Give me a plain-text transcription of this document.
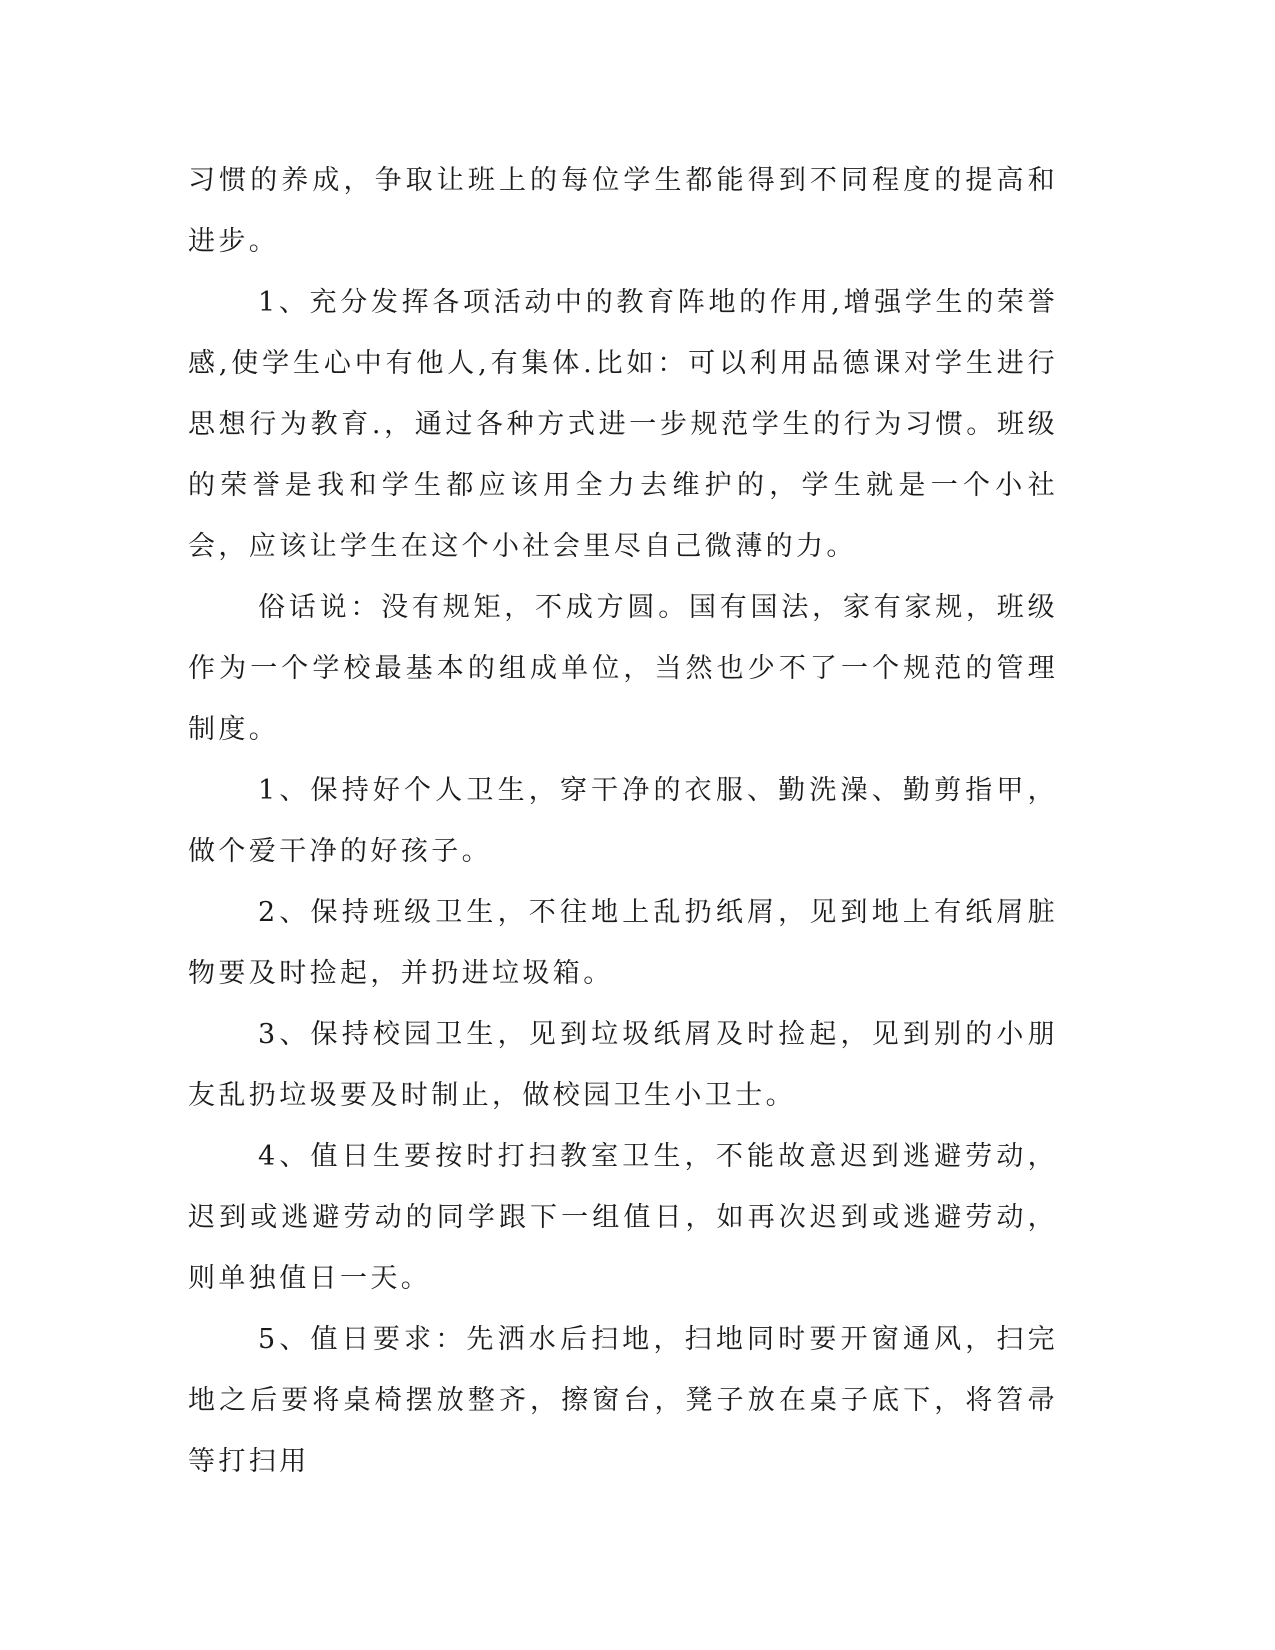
习惯的养成，争取让班上的每位学生都能得到不同程度的提高和进步。

1、充分发挥各项活动中的教育阵地的作用,增强学生的荣誉感,使学生心中有他人,有集体.比如：可以利用品德课对学生进行思想行为教育.，通过各种方式进一步规范学生的行为习惯。班级的荣誉是我和学生都应该用全力去维护的，学生就是一个小社会，应该让学生在这个小社会里尽自己微薄的力。

俗话说：没有规矩，不成方圆。国有国法，家有家规，班级作为一个学校最基本的组成单位，当然也少不了一个规范的管理制度。

1、保持好个人卫生，穿干净的衣服、勤洗澡、勤剪指甲，做个爱干净的好孩子。

2、保持班级卫生，不往地上乱扔纸屑，见到地上有纸屑脏物要及时捡起，并扔进垃圾箱。

3、保持校园卫生，见到垃圾纸屑及时捡起，见到别的小朋友乱扔垃圾要及时制止，做校园卫生小卫士。

4、值日生要按时打扫教室卫生，不能故意迟到逃避劳动，迟到或逃避劳动的同学跟下一组值日，如再次迟到或逃避劳动，则单独值日一天。

5、值日要求：先洒水后扫地，扫地同时要开窗通风，扫完地之后要将桌椅摆放整齐，擦窗台，凳子放在桌子底下，将笤帚等打扫用
